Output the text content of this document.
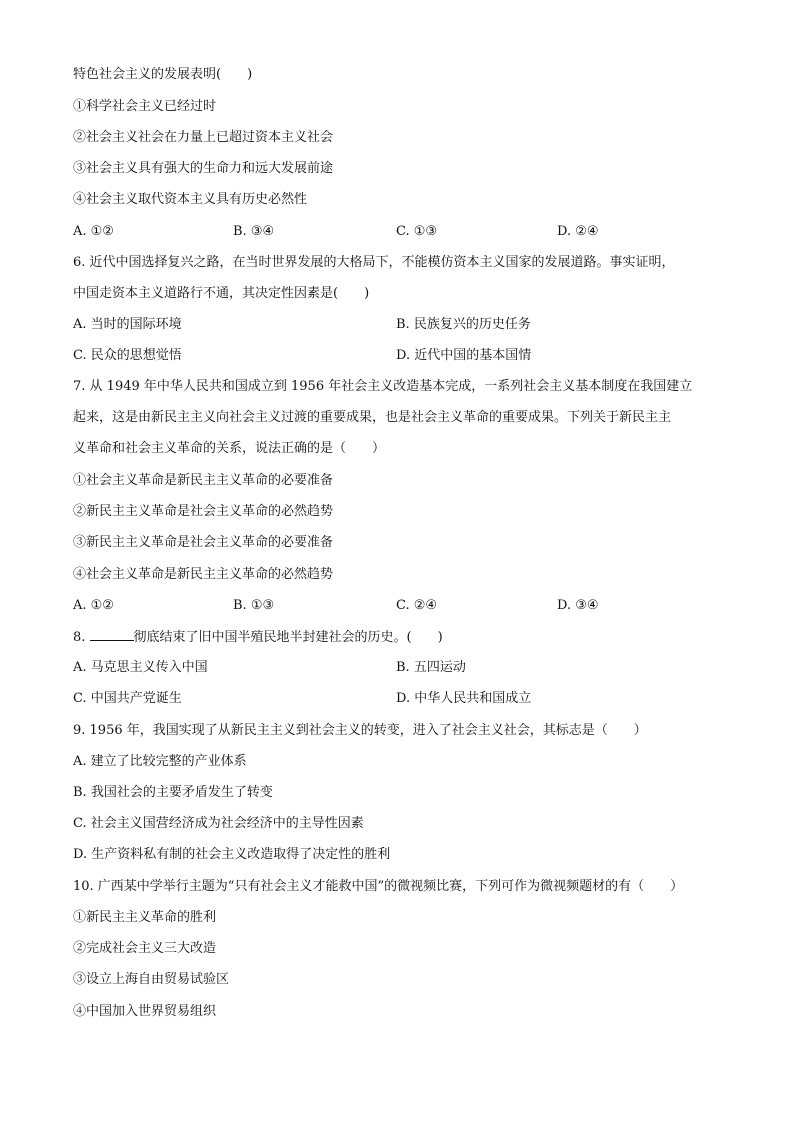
特色社会主义的发展表明(　　)
①科学社会主义已经过时
②社会主义社会在力量上已超过资本主义社会
③社会主义具有强大的生命力和远大发展前途
④社会主义取代资本主义具有历史必然性
A. ①②	B. ③④	C. ①③	D. ②④
6. 近代中国选择复兴之路，在当时世界发展的大格局下，不能模仿资本主义国家的发展道路。事实证明，
中国走资本主义道路行不通，其决定性因素是(　　)
A. 当时的国际环境	B. 民族复兴的历史任务
C. 民众的思想觉悟	D. 近代中国的基本国情
7. 从 1949 年中华人民共和国成立到 1956 年社会主义改造基本完成，一系列社会主义基本制度在我国建立
起来，这是由新民主主义向社会主义过渡的重要成果，也是社会主义革命的重要成果。下列关于新民主主
义革命和社会主义革命的关系，说法正确的是（　　）
①社会主义革命是新民主主义革命的必要准备
②新民主主义革命是社会主义革命的必然趋势
③新民主主义革命是社会主义革命的必要准备
④社会主义革命是新民主主义革命的必然趋势
A. ①②	B. ①③	C. ②④	D. ③④
8.	彻底结束了旧中国半殖民地半封建社会的历史。(　　)
A. 马克思主义传入中国	B. 五四运动
C. 中国共产党诞生	D. 中华人民共和国成立
9. 1956 年，我国实现了从新民主主义到社会主义的转变，进入了社会主义社会，其标志是（　　）
A. 建立了比较完整的产业体系
B. 我国社会的主要矛盾发生了转变
C. 社会主义国营经济成为社会经济中的主导性因素
D. 生产资料私有制的社会主义改造取得了决定性的胜利
10. 广西某中学举行主题为“只有社会主义才能救中国”的微视频比赛，下列可作为微视频题材的有（　　）
①新民主主义革命的胜利
②完成社会主义三大改造
③设立上海自由贸易试验区
④中国加入世界贸易组织
